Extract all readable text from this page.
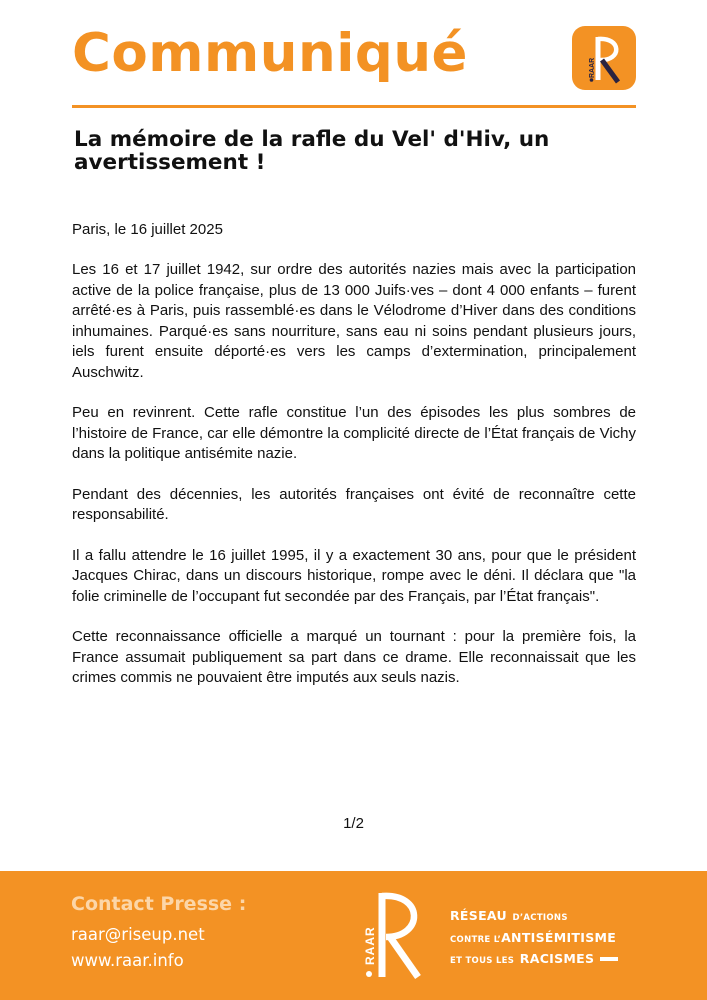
Communiqué	RAAR
La mémoire de la rafle du Vel' d'Hiv, un avertissement !
Paris, le 16 juillet 2025

Les 16 et 17 juillet 1942, sur ordre des autorités nazies mais avec la participation active de la police française, plus de 13 000 Juifs·ves – dont 4 000 enfants – furent arrêté·es à Paris, puis rassemblé·es dans le Vélodrome d’Hiver dans des conditions inhumaines. Parqué·es sans nourriture, sans eau ni soins pendant plusieurs jours, iels furent ensuite déporté·es vers les camps d’extermination, principalement Auschwitz.

Peu en revinrent. Cette rafle constitue l’un des épisodes les plus sombres de l’histoire de France, car elle démontre la complicité directe de l’État français de Vichy dans la politique antisémite nazie.

Pendant des décennies, les autorités françaises ont évité de reconnaître cette responsabilité.

Il a fallu attendre le 16 juillet 1995, il y a exactement 30 ans, pour que le président Jacques Chirac, dans un discours historique, rompe avec le déni. Il déclara que "la folie criminelle de l’occupant fut secondée par des Français, par l’État français".

Cette reconnaissance officielle a marqué un tournant : pour la première fois, la France assumait publiquement sa part dans ce drame. Elle reconnaissait que les crimes commis ne pouvaient être imputés aux seuls nazis.

1/2
Contact Presse :
raar@riseup.net
www.raar.info	RAAR
RÉSEAU D’ACTIONS
CONTRE L’ANTISÉMITISME
ET TOUS LES RACISMES
